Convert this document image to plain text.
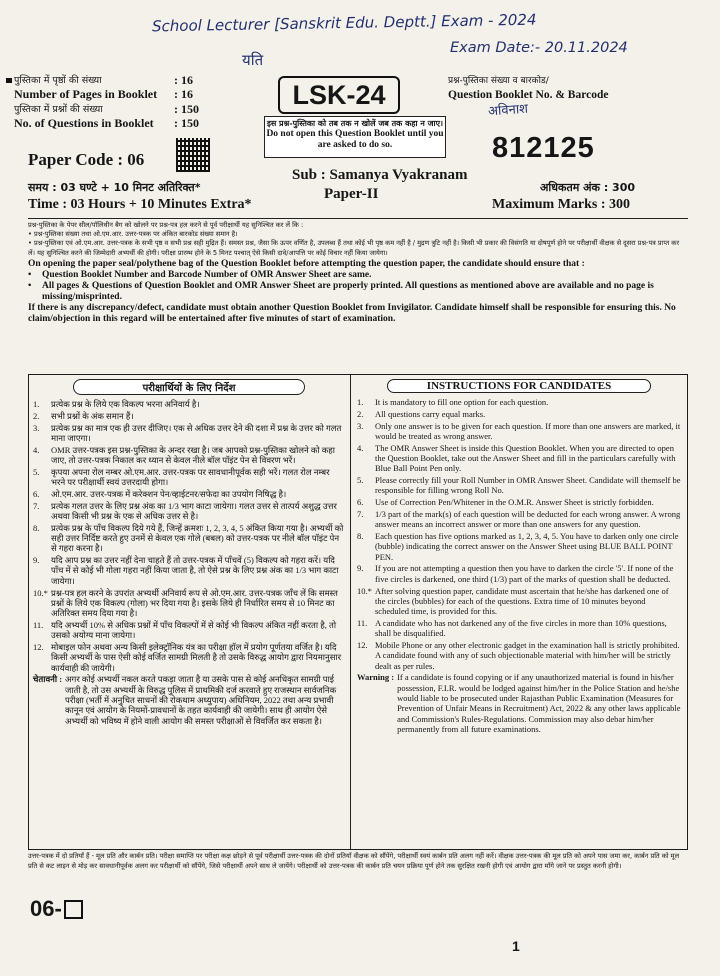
School Lecturer [Sanskrit Edu. Deptt.] Exam - 2024
Exam Date:- 20.11.2024
यति
अविनाश
पुस्तिका में पृष्ठों की संख्या	: 16
Number of Pages in Booklet	: 16
पुस्तिका में प्रश्नों की संख्या	: 150
No. of Questions in Booklet	: 150
Paper Code : 06
LSK-24
इस प्रश्न-पुस्तिका को तब तक न खोलें जब तक कहा न जाए।
Do not open this Question Booklet until you are asked to do so.
प्रश्न-पुस्तिका संख्या व बारकोड/
Question Booklet No. & Barcode
812125
समय : 03 घण्टे + 10 मिनट अतिरिक्त*
Time : 03 Hours + 10 Minutes Extra*
Sub : Samanya Vyakranam
Paper-II	अधिकतम अंक : 300
Maximum Marks : 300
प्रश्न-पुस्तिका के पेपर सील/पॉलिथीन बैग को खोलने पर प्रश्न-पत्र हल करने से पूर्व परीक्षार्थी यह सुनिश्चित कर लें कि :
• प्रश्न-पुस्तिका संख्या तथा ओ.एम.आर. उत्तर-पत्रक पर अंकित बारकोड संख्या समान है।
• प्रश्न-पुस्तिका एवं ओ.एम.आर. उत्तर-पत्रक के सभी पृष्ठ व सभी प्रश्न सही मुद्रित हैं। समस्त प्रश्न, जैसा कि ऊपर वर्णित है, उपलब्ध हैं तथा कोई भी पृष्ठ कम नहीं है / मुद्रण त्रुटि नहीं है। किसी भी प्रकार की विसंगति या दोषपूर्ण होने पर परीक्षार्थी वीक्षक से दूसरा प्रश्न-पत्र प्राप्त कर लें। यह सुनिश्चित करने की जिम्मेदारी अभ्यर्थी की होगी। परीक्षा प्रारम्भ होने के 5 मिनट पश्चात् ऐसे किसी दावे/आपत्ति पर कोई विचार नहीं किया जायेगा।
On opening the paper seal/polythene bag of the Question Booklet before attempting the question paper, the candidate should ensure that :
•	Question Booklet Number and Barcode Number of OMR Answer Sheet are same.
•	All pages & Questions of Question Booklet and OMR Answer Sheet are properly printed. All questions as mentioned above are available and no page is missing/misprinted.
If there is any discrepancy/defect, candidate must obtain another Question Booklet from Invigilator. Candidate himself shall be responsible for ensuring this. No claim/objection in this regard will be entertained after five minutes of start of examination.
परीक्षार्थियों के लिए निर्देश
1.	प्रत्येक प्रश्न के लिये एक विकल्प भरना अनिवार्य है।
2.	सभी प्रश्नों के अंक समान हैं।
3.	प्रत्येक प्रश्न का मात्र एक ही उत्तर दीजिए। एक से अधिक उत्तर देने की दशा में प्रश्न के उत्तर को गलत माना जाएगा।
4.	OMR उत्तर-पत्रक इस प्रश्न-पुस्तिका के अन्दर रखा है। जब आपको प्रश्न-पुस्तिका खोलने को कहा जाए, तो उत्तर-पत्रक निकाल कर ध्यान से केवल नीले बॉल पॉइंट पेन से विवरण भरें।
5.	कृपया अपना रोल नम्बर ओ.एम.आर. उत्तर-पत्रक पर सावधानीपूर्वक सही भरें। गलत रोल नम्बर भरने पर परीक्षार्थी स्वयं उत्तरदायी होगा।
6.	ओ.एम.आर. उत्तर-पत्रक में करेक्शन पेन/व्हाईटनर/सफेदा का उपयोग निषिद्ध है।
7.	प्रत्येक गलत उत्तर के लिए प्रश्न अंक का 1/3 भाग काटा जायेगा। गलत उत्तर से तात्पर्य अशुद्ध उत्तर अथवा किसी भी प्रश्न के एक से अधिक उत्तर से है।
8.	प्रत्येक प्रश्न के पाँच विकल्प दिये गये हैं, जिन्हें क्रमशः 1, 2, 3, 4, 5 अंकित किया गया है। अभ्यर्थी को सही उत्तर निर्दिष्ट करते हुए उनमें से केवल एक गोले (बबल) को उत्तर-पत्रक पर नीले बॉल पॉइंट पेन से गहरा करना है।
9.	यदि आप प्रश्न का उत्तर नहीं देना चाहते हैं तो उत्तर-पत्रक में पाँचवें (5) विकल्प को गहरा करें। यदि पाँच में से कोई भी गोला गहरा नहीं किया जाता है, तो ऐसे प्रश्न के लिए प्रश्न अंक का 1/3 भाग काटा जायेगा।
10.* प्रश्न-पत्र हल करने के उपरांत अभ्यर्थी अनिवार्य रूप से ओ.एम.आर. उत्तर-पत्रक जाँच लें कि समस्त प्रश्नों के लिये एक विकल्प (गोला) भर दिया गया है। इसके लिये ही निर्धारित समय से 10 मिनट का अतिरिक्त समय दिया गया है।
11. यदि अभ्यर्थी 10% से अधिक प्रश्नों में पाँच विकल्पों में से कोई भी विकल्प अंकित नहीं करता है, तो उसको अयोग्य माना जायेगा।
12. मोबाइल फोन अथवा अन्य किसी इलेक्ट्रॉनिक यंत्र का परीक्षा हॉल में प्रयोग पूर्णतया वर्जित है। यदि किसी अभ्यर्थी के पास ऐसी कोई वर्जित सामग्री मिलती है तो उसके विरुद्ध आयोग द्वारा नियमानुसार कार्यवाही की जायेगी।
चेतावनी : अगर कोई अभ्यर्थी नकल करते पकड़ा जाता है या उसके पास से कोई अनधिकृत सामग्री पाई जाती है, तो उस अभ्यर्थी के विरुद्ध पुलिस में प्राथमिकी दर्ज करवाते हुए राजस्थान सार्वजनिक परीक्षा (भर्ती में अनुचित साधनों की रोकथाम अध्युपाय) अधिनियम, 2022 तथा अन्य प्रभावी कानून एवं आयोग के नियमों-प्रावधानों के तहत कार्यवाही की जायेगी। साथ ही आयोग ऐसे अभ्यर्थी को भविष्य में होने वाली आयोग की समस्त परीक्षाओं से विवर्जित कर सकता है।
INSTRUCTIONS FOR CANDIDATES
1.	It is mandatory to fill one option for each question.
2.	All questions carry equal marks.
3.	Only one answer is to be given for each question. If more than one answers are marked, it would be treated as wrong answer.
4.	The OMR Answer Sheet is inside this Question Booklet. When you are directed to open the Question Booklet, take out the Answer Sheet and fill in the particulars carefully with Blue Ball Point Pen only.
5.	Please correctly fill your Roll Number in OMR Answer Sheet. Candidate will themself be responsible for filling wrong Roll No.
6.	Use of Correction Pen/Whitener in the O.M.R. Answer Sheet is strictly forbidden.
7.	1/3 part of the mark(s) of each question will be deducted for each wrong answer. A wrong answer means an incorrect answer or more than one answers for any question.
8.	Each question has five options marked as 1, 2, 3, 4, 5. You have to darken only one circle (bubble) indicating the correct answer on the Answer Sheet using BLUE BALL POINT PEN.
9.	If you are not attempting a question then you have to darken the circle '5'. If none of the five circles is darkened, one third (1/3) part of the marks of question shall be deducted.
10.* After solving question paper, candidate must ascertain that he/she has darkened one of the circles (bubbles) for each of the questions. Extra time of 10 minutes beyond scheduled time, is provided for this.
11. A candidate who has not darkened any of the five circles in more than 10% questions, shall be disqualified.
12. Mobile Phone or any other electronic gadget in the examination hall is strictly prohibited. A candidate found with any of such objectionable material with him/her will be strictly dealt as per rules.
Warning : If a candidate is found copying or if any unauthorized material is found in his/her possession, F.I.R. would be lodged against him/her in the Police Station and he/she would liable to be prosecuted under Rajasthan Public Examination (Measures for Prevention of Unfair Means in Recruitment) Act, 2022 & any other laws applicable and Commission's Rules-Regulations. Commission may also debar him/her permanently from all future examinations.
उत्तर-पत्रक में दो प्रतियाँ हैं - मूल प्रति और कार्बन प्रति। परीक्षा समाप्ति पर परीक्षा कक्ष छोड़ने से पूर्व परीक्षार्थी उत्तर-पत्रक की दोनों प्रतियाँ वीक्षक को सौंपेंगे, परीक्षार्थी स्वयं कार्बन प्रति अलग नहीं करें। वीक्षक उत्तर-पत्रक की मूल प्रति को अपने पास जमा कर, कार्बन प्रति को मूल प्रति से कट लाइन से मोड़ कर सावधानीपूर्वक अलग कर परीक्षार्थी को सौंपेंगे, जिसे परीक्षार्थी अपने साथ ले जायेंगे। परीक्षार्थी को उत्तर-पत्रक की कार्बन प्रति चयन प्रक्रिया पूर्ण होने तक सुरक्षित रखनी होगी एवं आयोग द्वारा माँगे जाने पर प्रस्तुत करनी होगी।
06-
1
